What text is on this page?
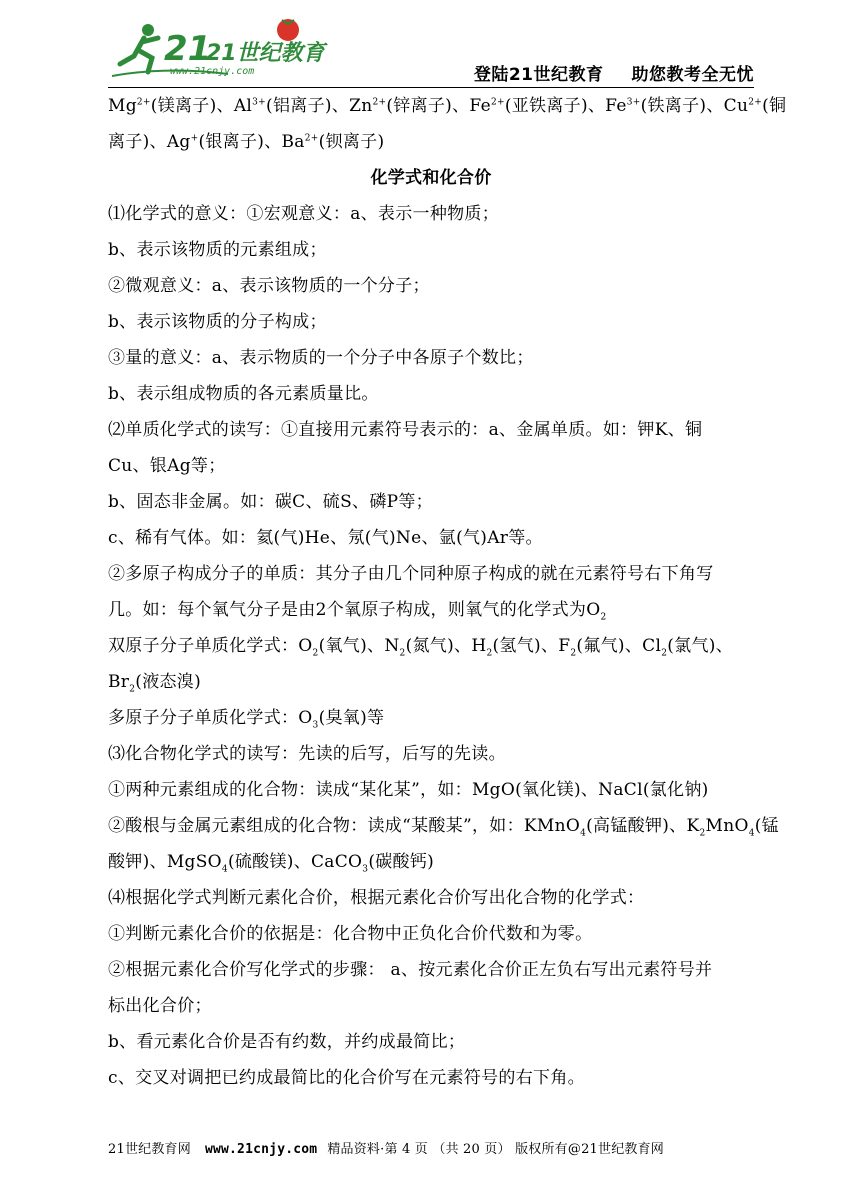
21
21世纪教育
www.21cnjy.com	登陆21世纪教育 助您教考全无忧
$Mg^{2+}$(镁离子)、$Al^{3+}$(铝离子)、$Zn^{2+}$(锌离子)、$Fe^{2+}$(亚铁离子)、$Fe^{3+}$(铁离子)、$Cu^{2+}$(铜
离子)、Ag+(银离子)、$Ba^{2+}$(钡离子)
化学式和化合价
⑴化学式的意义：①宏观意义：a、表示一种物质；
b、表示该物质的元素组成；
②微观意义：a、表示该物质的一个分子；
b、表示该物质的分子构成；
③量的意义：a、表示物质的一个分子中各原子个数比；
b、表示组成物质的各元素质量比。
⑵单质化学式的读写：①直接用元素符号表示的：a、金属单质。如：钾K、铜
Cu、银Ag等；
b、固态非金属。如：碳C、硫S、磷P等；
c、稀有气体。如：氦(气)He、氖(气)Ne、氩(气)Ar等。
②多原子构成分子的单质：其分子由几个同种原子构成的就在元素符号右下角写
几。如：每个氧气分子是由2个氧原子构成，则氧气的化学式为$O_2$
双原子分子单质化学式：$O_2$(氧气)、$N_2$(氮气)、$H_2$(氢气)、$F_2$(氟气)、$Cl_2$(氯气)、
$Br_2$(液态溴)
多原子分子单质化学式：$O_3$(臭氧)等
⑶化合物化学式的读写：先读的后写，后写的先读。
①两种元素组成的化合物：读成“某化某”，如：MgO(氧化镁)、NaCl(氯化钠)
②酸根与金属元素组成的化合物：读成“某酸某”，如：KMnO$_4$(高锰酸钾)、$K_2MnO_4$(锰
酸钾)、MgSO$_4$(硫酸镁)、CaCO$_3$(碳酸钙)
⑷根据化学式判断元素化合价，根据元素化合价写出化合物的化学式：
①判断元素化合价的依据是：化合物中正负化合价代数和为零。
②根据元素化合价写化学式的步骤： a、按元素化合价正左负右写出元素符号并
标出化合价；
b、看元素化合价是否有约数，并约成最简比；
c、交叉对调把已约成最简比的化合价写在元素符号的右下角。
21世纪教育网 www.21cnjy.com 精品资料·第 4 页 （共 20 页） 版权所有@21世纪教育网
